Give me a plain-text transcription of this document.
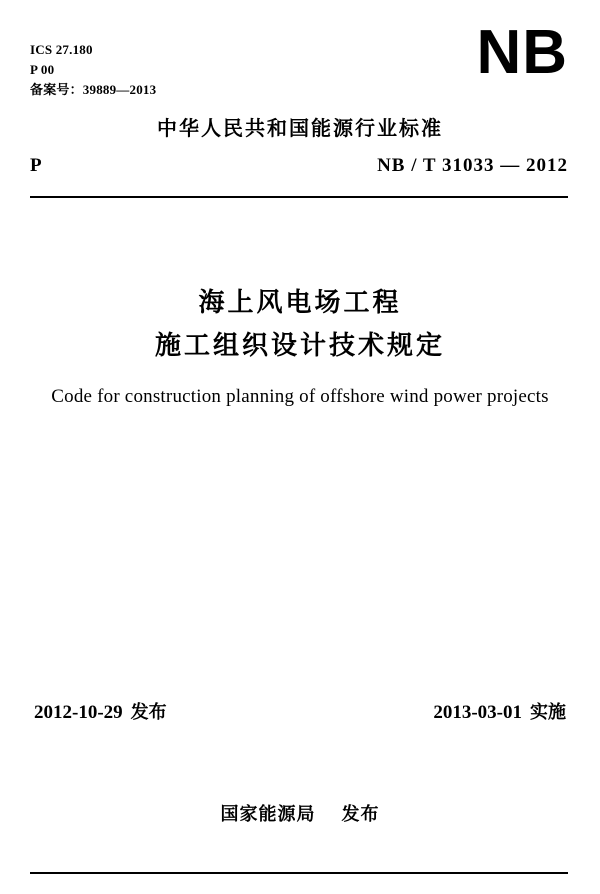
ICS 27.180
P 00
备案号：39889—2013
NB
中华人民共和国能源行业标准
P	NB / T 31033 — 2012
海上风电场工程
施工组织设计技术规定
Code for construction planning of offshore wind power projects
2012-10-29 发布	2013-03-01 实施
国家能源局 发布
